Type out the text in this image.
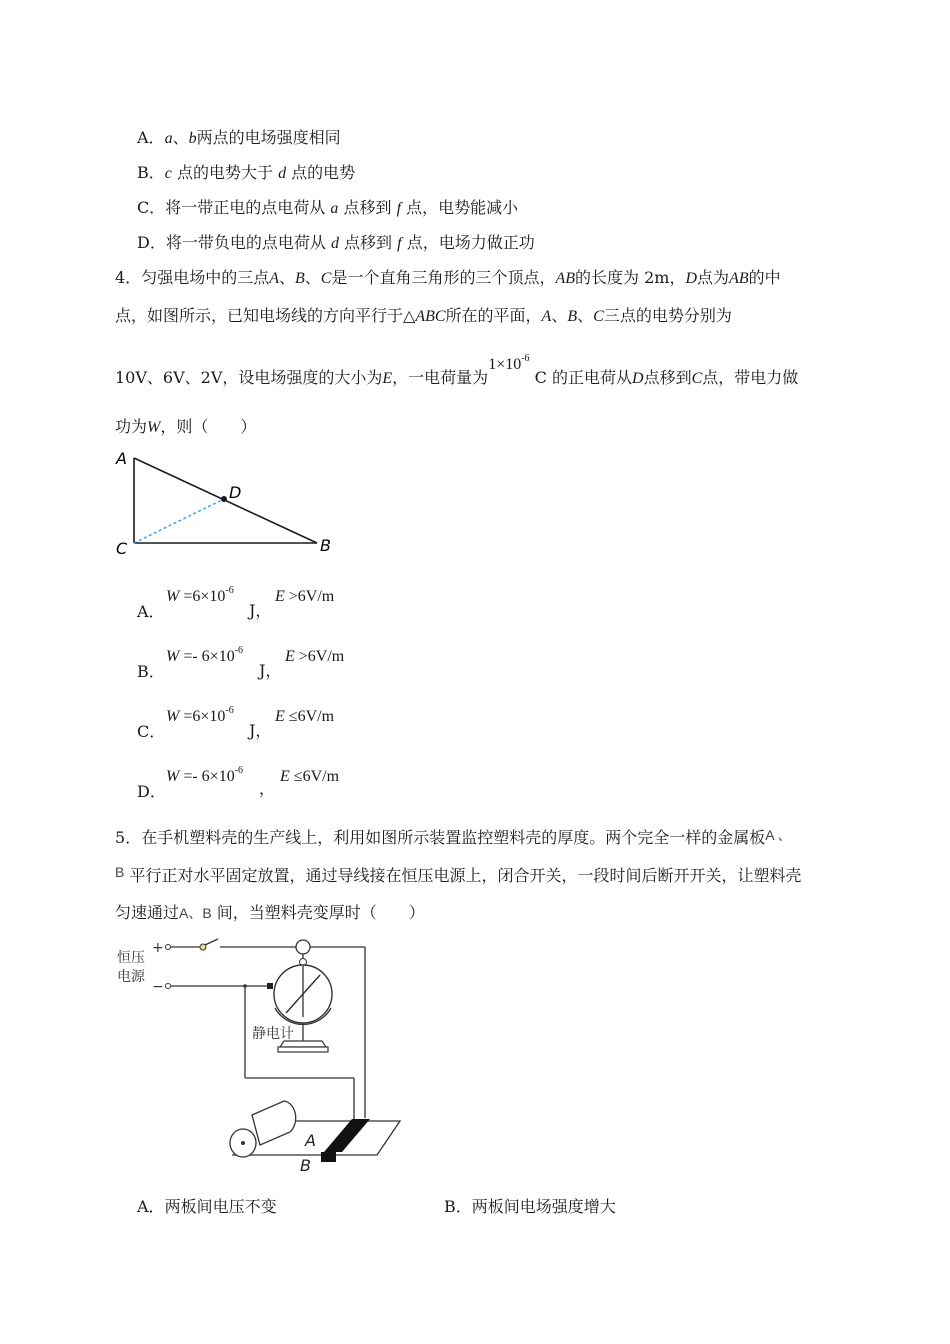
A．a、b两点的电场强度相同
B．c 点的电势大于 d 点的电势
C．将一带正电的点电荷从 a 点移到 f 点，电势能减小
D．将一带负电的点电荷从 d 点移到 f 点，电场力做正功
4．匀强电场中的三点A、B、C是一个直角三角形的三个顶点，AB的长度为 2m，D点为AB的中
点，如图所示，已知电场线的方向平行于△ABC所在的平面，A、B、C三点的电势分别为
10V、6V、2V，设电场强度的大小为E，一电荷量为$1\times 10^{-6}$ C 的正电荷从D点移到C点，带电力做
功为W，则（　　）
A
D
C	B
A．
$W =6\times 10^{-6}$
J，
E >6V/m
B．
$W =- 6\times 10^{-6}$
J，
E >6V/m
C．
$W =6\times 10^{-6}$
J，
E ≤6V/m
D．
$W =- 6\times 10^{-6}$
，
E ≤6V/m
5．在手机塑料壳的生产线上，利用如图所示装置监控塑料壳的厚度。两个完全一样的金属板A 、
B 平行正对水平固定放置，通过导线接在恒压电源上，闭合开关，一段时间后断开开关，让塑料壳
匀速通过A、B 间，当塑料壳变厚时（　　）
恒压
电源
+
−
静电计
A
B
A．两板间电压不变	B．两板间电场强度增大
